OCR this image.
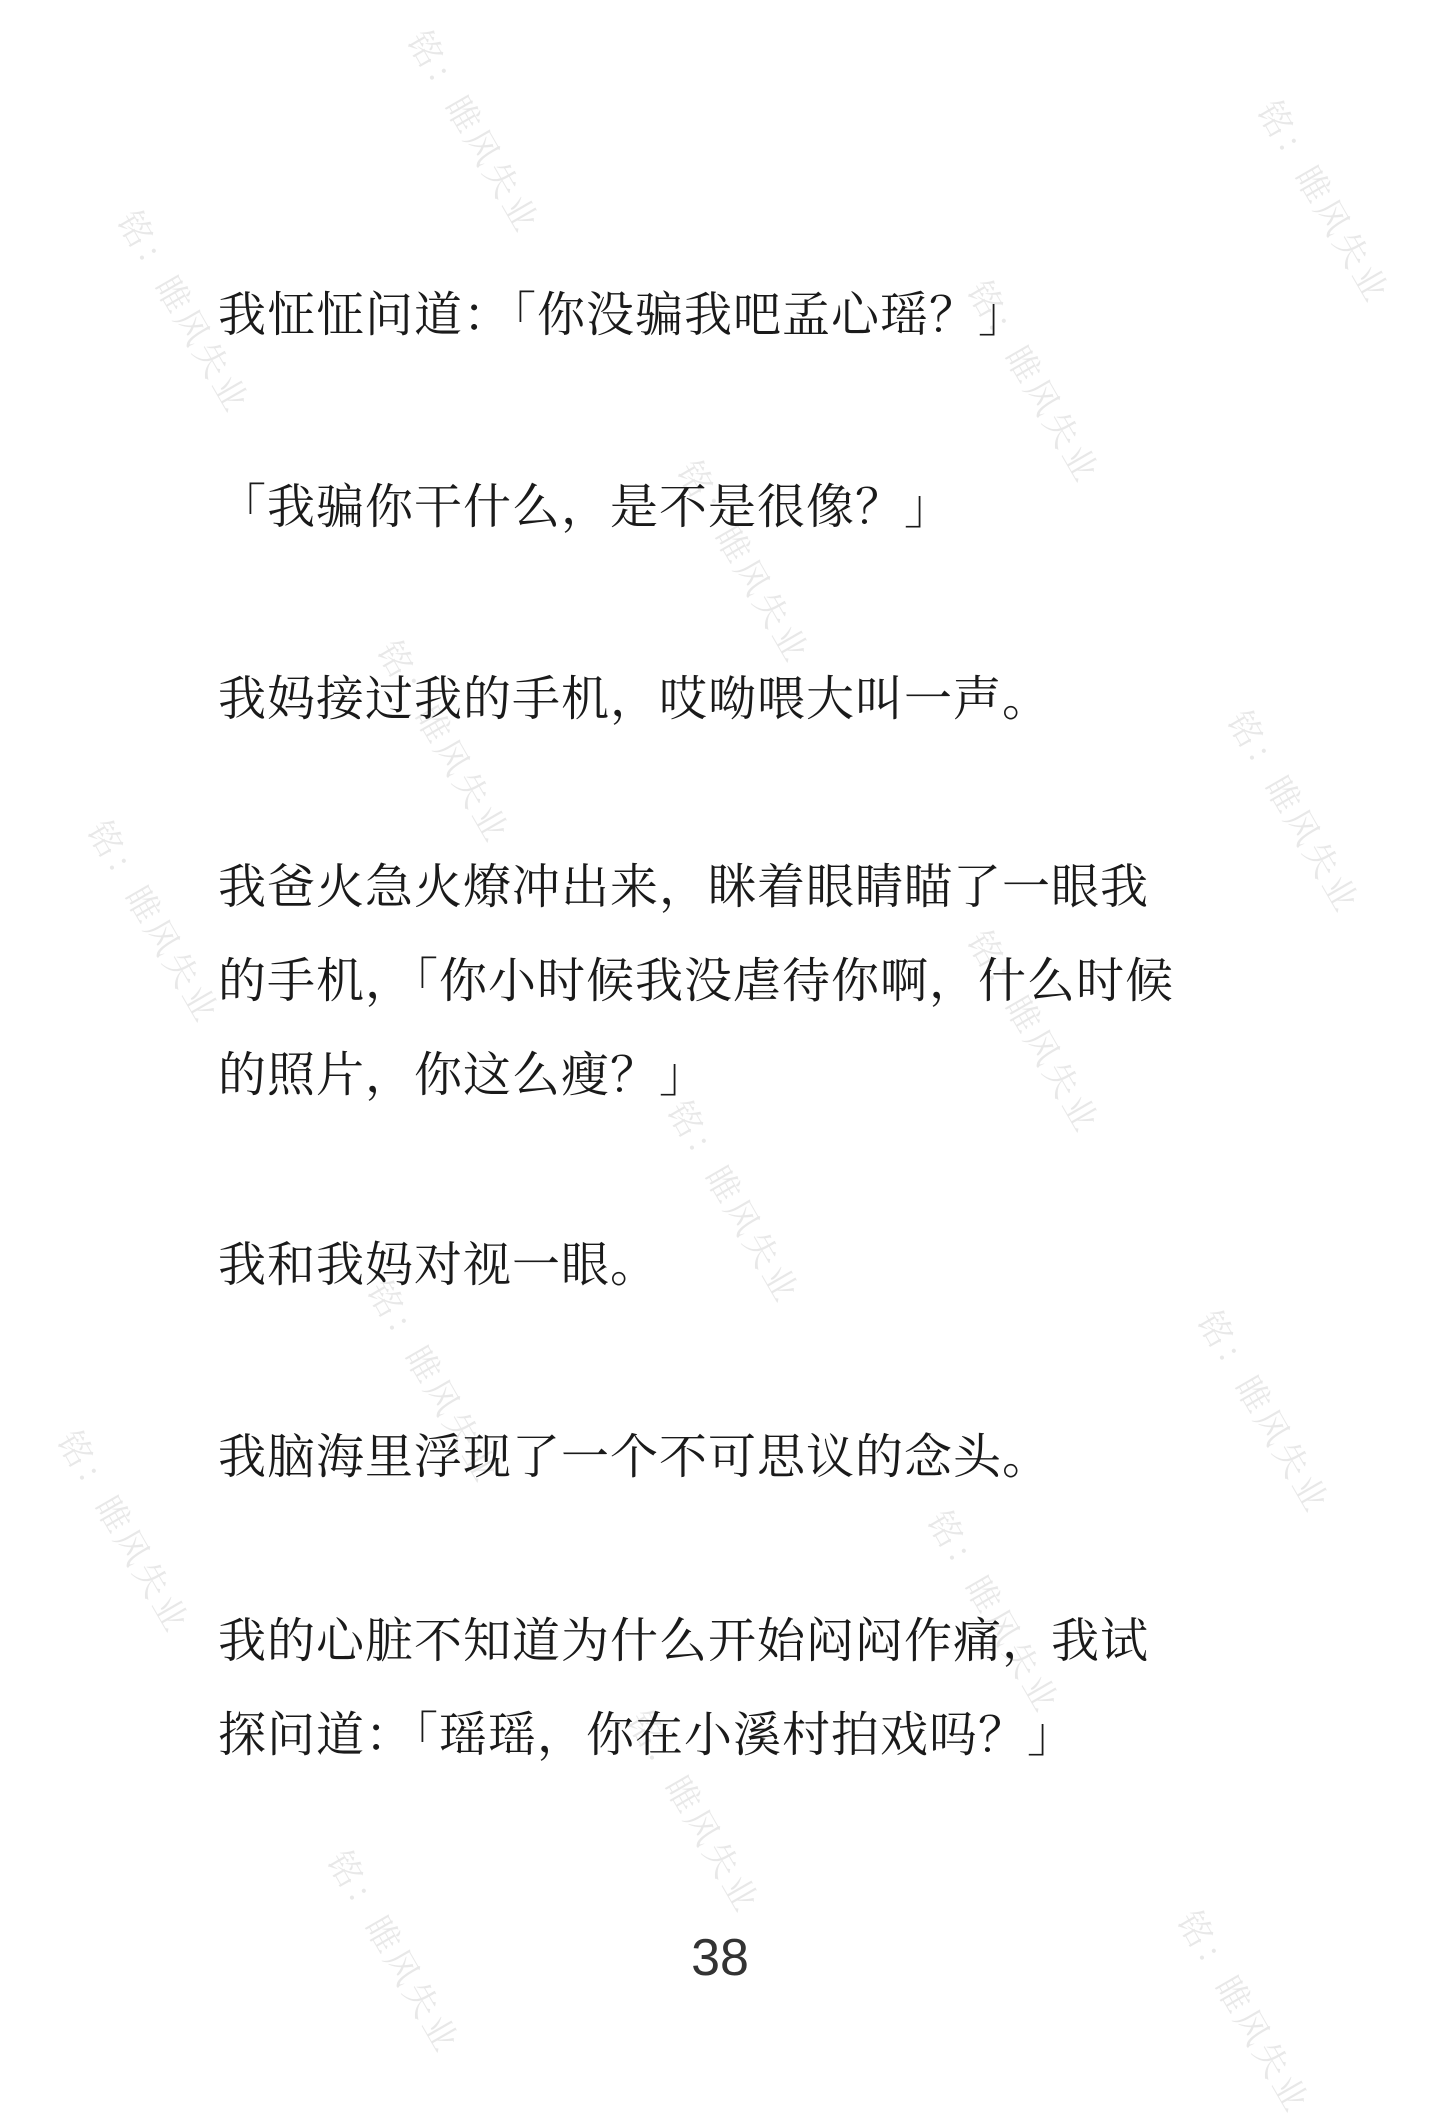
铭：睢风失业	铭：睢风失业
铭：睢风失业	铭：睢风失业
铭：睢风失业
铭：睢风失业	铭：睢风失业
铭：睢风失业
铭：睢风失业
铭：睢风失业
铭：睢风失业	铭：睢风失业
铭：睢风失业	铭：睢风失业
铭：睢风失业
铭：睢风失业	铭：睢风失业

我怔怔问道：「你没骗我吧孟心瑶？」

「我骗你干什么，是不是很像？」

我妈接过我的手机，哎呦喂大叫一声。

我爸火急火燎冲出来，眯着眼睛瞄了一眼我
的手机，「你小时候我没虐待你啊，什么时候
的照片，你这么瘦？」

我和我妈对视一眼。

我脑海里浮现了一个不可思议的念头。

我的心脏不知道为什么开始闷闷作痛，我试
探问道：「瑶瑶，你在小溪村拍戏吗？」

38
